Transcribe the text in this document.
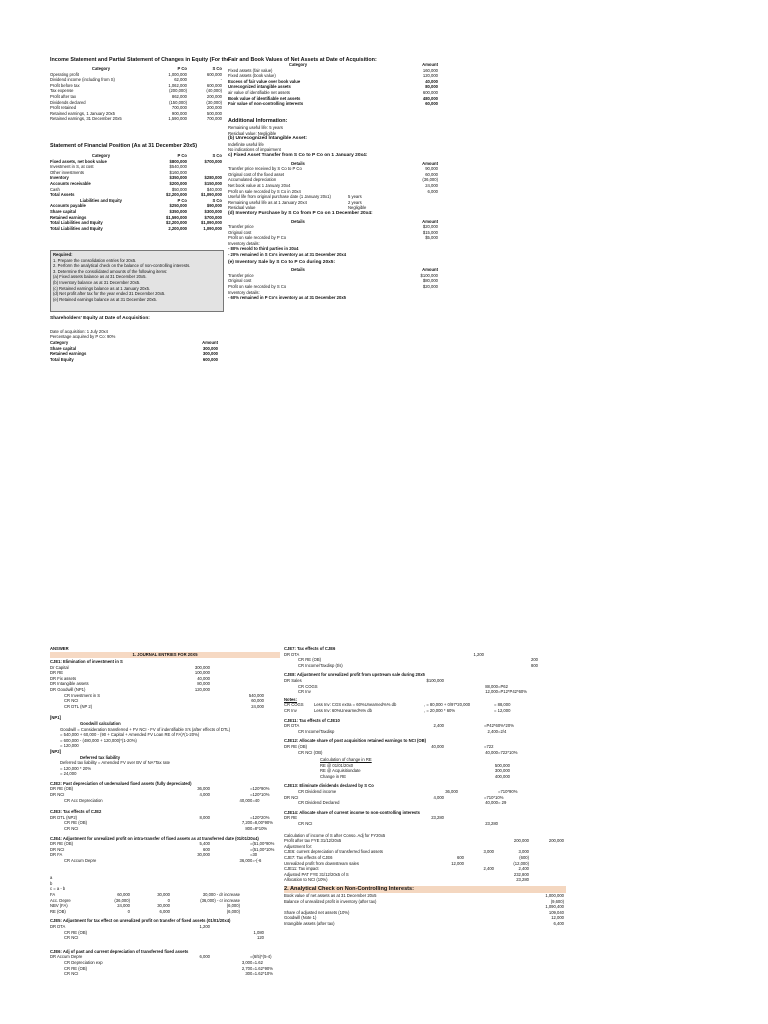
Income Statement and Partial Statement of Changes in Equity (For the
Category	P Co	S Co
Operating profit	1,000,000	600,000
Dividend income (including from S)	62,000	-
Profit before tax	1,062,000	600,000
Tax expense	(200,000)	(40,000)
Profit after tax	862,000	200,000
Dividends declared	(150,000)	(30,000)
Profit retained	700,000	200,000
Retained earnings, 1 January 20x5	900,000	500,000
Retained earnings, 31 December 20x5	1,590,000	700,000
Statement of Financial Position (As at 31 December 20x5)
Category	P Co	S Co
Fixed assets, net book value	$800,000	$700,000
Investment in S, at cost	$540,000
Other investments	$160,000
Inventory	$350,000	$280,000
Accounts receivable	$200,000	$150,000
Cash	$50,000	$40,000
Total Assets	$2,200,000	$1,090,000
Liabilities and Equity	P Co	S Co
Accounts payable	$250,000	$90,000
Share capital	$350,000	$300,000
Retained earnings	$1,590,000	$700,000
Total Liabilities and Equity	$2,200,000	$1,090,000
Total Liabilities and Equity	2,200,000	1,090,000
Required:
1. Prepare the consolidation entries for 20x5.
2. Perform the analytical check on the balance of non-controlling interests.
3. Determine the consolidated amounts of the following items:
(a) Fixed assets balance as at 31 December 20x5.
(b) Inventory balance as at 31 December 20x5.
(c) Retained earnings balance as at 1 January 20x5.
(d) Net profit after tax for the year ended 31 December 20x5.
(e) Retained earnings balance as at 31 December 20x5.
Shareholders' Equity at Date of Acquisition:
Date of acquisition: 1 July 20x4
Percentage acquired by P Co: 90%
Category	Amount
Share capital	300,000
Retained earnings	300,000
Total Equity	600,000
Fair and Book Values of Net Assets at Date of Acquisition:
Category	Amount
Fixed assets (fair value)	160,000
Fixed assets (book value)	120,000
Excess of fair value over book value	40,000
Unrecognized intangible assets	80,000
air value of identifiable net assets	600,000
Book value of identifiable net assets	480,000
Fair value of non-controlling interests	60,000
Additional Information:
Remaining useful life: 5 years
Residual value: Negligible
(b) Unrecognized Intangible Asset:
Indefinite useful life
No indications of impairment
c) Fixed Asset Transfer from S Co to P Co on 1 January 20x4:
Details	Amount
Transfer price received by S Co to P Co	90,000
Original cost of the fixed asset	60,000
Accumulated depreciation	(36,000)
Net book value at 1 January 20x4	24,000
Profit on sale recorded by S Co in 20x4	6,000
Useful life from original purchase date (1 January 20x1)	5 years
Remaining useful life as at 1 January 20x4	2 years
Residual value	Negligible
(d) Inventory Purchase by S Co from P Co on 1 December 20x4:
Details	Amount
Transfer price	$20,000
Original cost	$15,000
Profit on sale recorded by P Co	$5,000
Inventory details:
- 80% resold to third parties in 20x4
- 20% remained in S Co's inventory as at 31 December 20x4
(e) Inventory Sale by S Co to P Co during 20x5:
Details	Amount
Transfer price	$100,000
Original cost	$80,000
Profit on sale recorded by S Co	$20,000
Inventory details:
- 60% remained in P Co's inventory as at 31 December 20x5
ANSWER
1. JOURNAL ENTRIES FOR 20X5
CJE1: Elimination of investment in S
Dr Capital	300,000
DR RE	100,000
DR Fix assets	40,000
DR Intangible assets	80,000
DR Goodwill (NP1)	120,000
CR Investment in S	540,000
CR NCI	60,000
CR DTL (NP 2)	24,000
[NP1]
Goodwill calculation
Goodwill = Consideration transferred + FV NCI - FV of indentifiable S's (after effects of DTL)
= 540,000 + 60,000 - (90 + Capital + Amended FV Loan RE of FA)*(1-20%)
= 600,000 - (480,000 + 120,000)*(1-20%)
= 120,000
[NP2]
Deferred tax liability
Deferred tax liability = Amended FV over BV of NA*Tax rate
= 120,000 * 20%
= 24,000
CJE2: Past depreciation of undervalued fixed assets (fully depreciated)
DR RE (OB)	36,000	=120*90%
DR NCI	4,000	=120*10%
CR Acc Depreciation	40,000 =40
CJE3: Tax effects of CJE2
DR DTL (NP2)	8,000	=120*20%
CR RE (OB)	7,200 =8,00*90%
CR NCI	800 =8*10%
CJE4: Adjustment for unrealized profit on intra-transfer of fixed assets as at transferred date (01/01/20x4)
DR RE (OB)	5,400	=(51,00*90%
DR NCI	600	=(51,00*10%
DR FA	30,000	=30
CR Accum Depre	36,000 =-(-6
a
b
c = a - b
FA	60,000	30,000	30,000 - dr increase
Acc. Depre	(36,000)	0	(36,000) - cr increase
NBV (FA)	24,000	30,000	(6,000)
RE (OB)	0	6,000	(6,000)
CJE5: Adjustment for tax effect on unrealized profit on transfer of fixed assets (01/01/20x4)
DR DTA	1,200
CR RE (OB)	1,080
CR NCI	120
CJE6: Adj of past and current depreciation of transferred fixed assets
DR Accum Depre	6,000	=(6/5)*(5-4)
CR Depreciation exp	3,000 =1.62
CR RE (OB)	2,700 =1.62*90%
CR NCI	300 =1.62*10%
CJE7: Tax effects of CJE6
DR DTA	1,200
CR RE (OB)	200
CR Income/Taxdisp (t/s)	800
CJE8: Adjustment for unrealized profit from upstream sale during 20x5
DR Sales	$100,000
CR COGS	88,000 =P62
CR Inv	12,000 =P12*P42*60%
Notes:
CR COGS	Less Inv: CGS extra = 60%Unearned%% db	, = 80,000 + 0/97*20,000	= 88,000
CR Inv	Less Inv: 60%Unearned%% db	, = 20,000 * 60%	= 12,000
CJE11: Tax effects of CJE10
DR DTA	2,400	=P42*60%*20%
CR Income/Taxdisp	2,400 =2/4
CJE12: Allocate share of post acquisition retained earnings to NCI (OB)
DR RE (OB)	40,000	=722
CR NCI (OB)	40,000 =722*10%
Calculation of change in RE
RE @ 01/01/20x0	500,000
RE @ Acquisitiondate	300,000
Change in RE	400,000
CJE13: Eliminate dividends declared by S Co
CR Dividend income	36,000	=710*90%
DR NCI	4,000	=710*10%
CR Dividend Declared	40,000 = 29
CJE14: Allocate share of current income to non-controlling interests
DR RE	23,280
CR NCI	23,280
Calculation of income of S after Conso. Adj for FY20x5
Profit after tax FYE 31/12/20x5	200,000	200,000
Adjustment for:
CJE6: current depreciation of transferred fixed assets	3,000	3,000
CJE7: Tax effects of CJE6	600	(600)
Unrealized profit from downstream sales	12,000	(12,000)
CJE11: Tax impact	2,400	2,400
Adjusted PAT FYE 31/12/20x5 of S	232,800
Allocation to NCI (10%)	23,280
2. Analytical Check on Non-Controlling Interests:
Book value of net assets as at 31 December 20x5	1,000,000
Balance of unrealized profit in inventory (after tax)	(9,600)
1,090,400
Share of adjusted net assets (10%)	109,040
Goodwill (Note 1)	12,000
Intangible assets (after tax)	6,400
